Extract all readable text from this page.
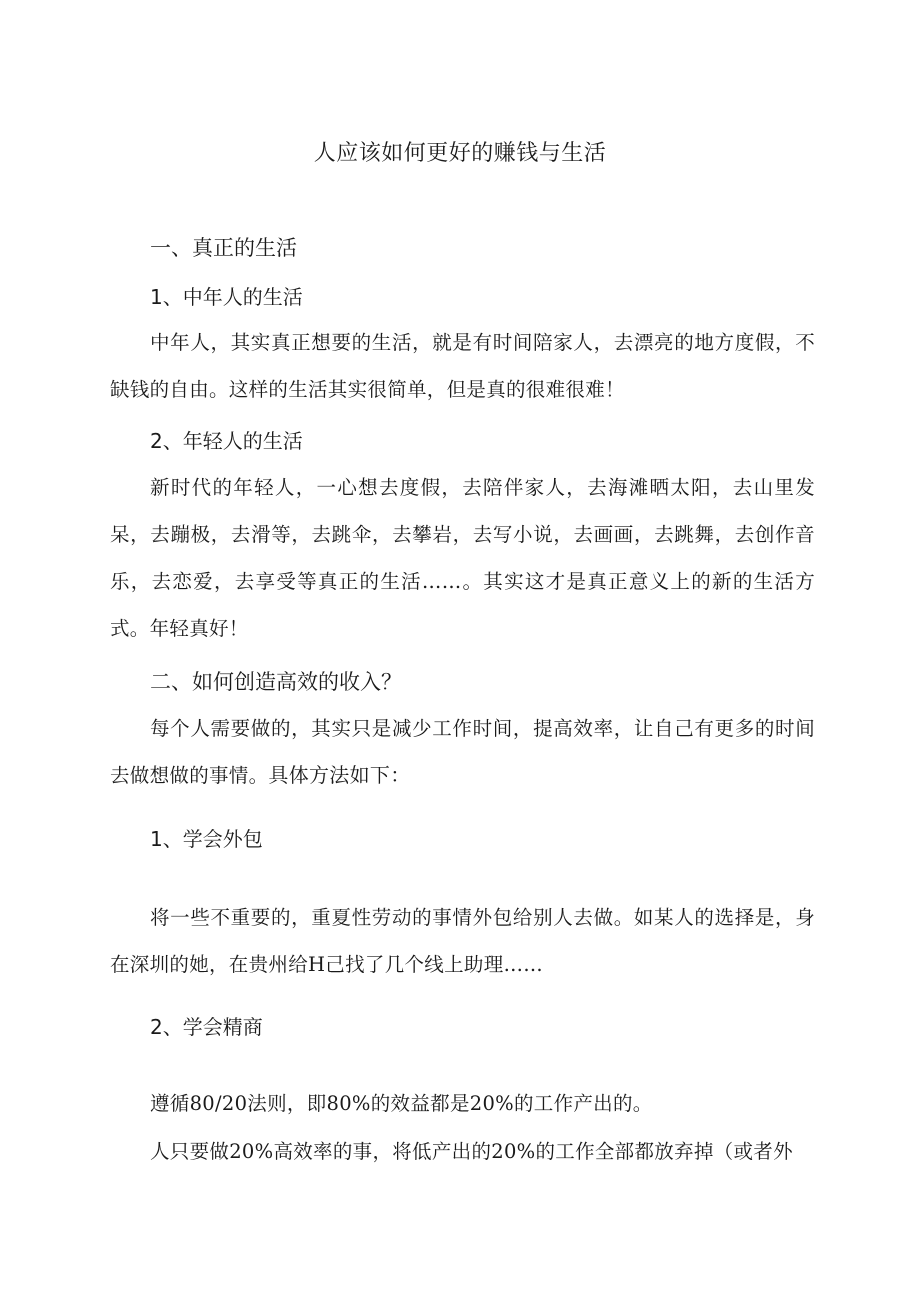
人应该如何更好的赚钱与生活
一、真正的生活
1、中年人的生活
中年人，其实真正想要的生活，就是有时间陪家人，去漂亮的地方度假，不缺钱的自由。这样的生活其实很简单，但是真的很难很难！
2、年轻人的生活
新时代的年轻人，一心想去度假，去陪伴家人，去海滩晒太阳，去山里发呆，去蹦极，去滑等，去跳伞，去攀岩，去写小说，去画画，去跳舞，去创作音乐，去恋爱，去享受等真正的生活……。其实这才是真正意义上的新的生活方式。年轻真好！
二、如何创造高效的收入？
每个人需要做的，其实只是减少工作时间，提高效率，让自己有更多的时间去做想做的事情。具体方法如下：
1、学会外包
将一些不重要的，重夏性劳动的事情外包给别人去做。如某人的选择是，身在深圳的她，在贵州给H己找了几个线上助理……
2、学会精商
遵循80/20法则，即80%的效益都是20%的工作产出的。
人只要做20%高效率的事，将低产出的20%的工作全部都放弃掉（或者外
